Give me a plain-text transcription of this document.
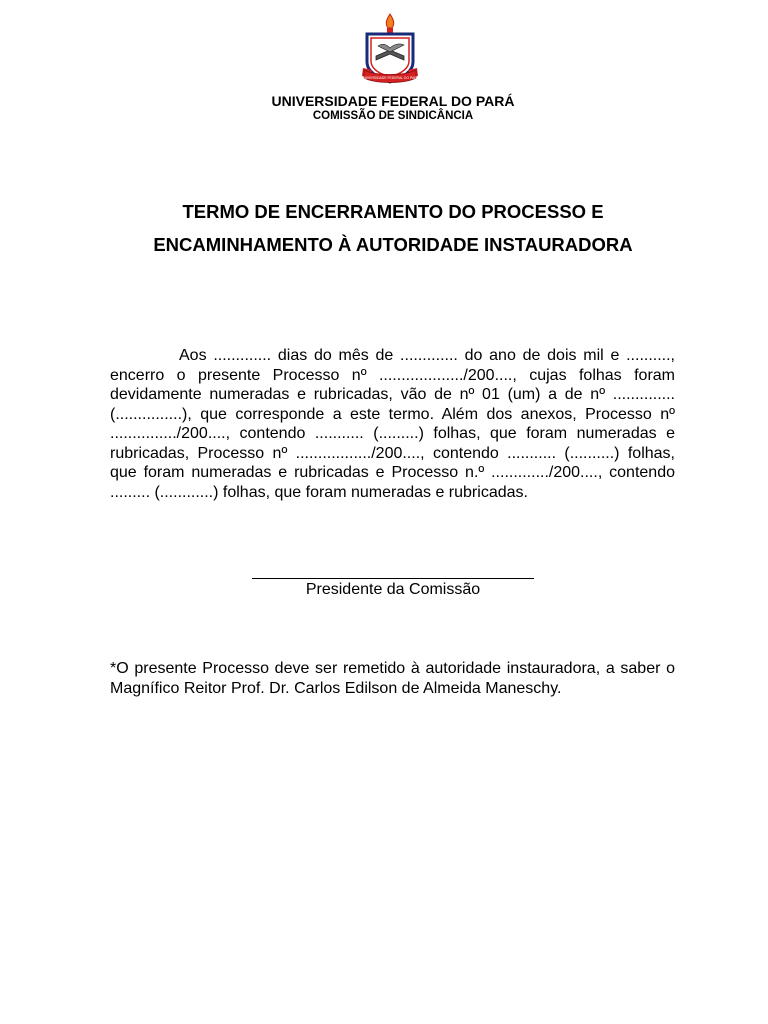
UNIVERSIDADE FEDERAL DO PARÁ
UNIVERSIDADE FEDERAL DO PARÁ
COMISSÃO DE SINDICÂNCIA
TERMO DE ENCERRAMENTO DO PROCESSO E
ENCAMINHAMENTO À AUTORIDADE INSTAURADORA

Aos ............. dias do mês de ............. do ano de dois mil e .........., encerro o presente Processo nº .................../200...., cujas folhas foram devidamente numeradas e rubricadas, vão de nº 01 (um) a de nº ..............(...............), que corresponde a este termo. Além dos anexos, Processo nº .............../200...., contendo ........... (.........) folhas, que foram numeradas e rubricadas, Processo nº ................./200...., contendo ........... (..........) folhas, que foram numeradas e rubricadas e Processo n.º ............./200...., contendo ......... (............) folhas, que foram numeradas e rubricadas.

Presidente da Comissão

*O presente Processo deve ser remetido à autoridade instauradora, a saber o Magnífico Reitor Prof. Dr. Carlos Edilson de Almeida Maneschy.
